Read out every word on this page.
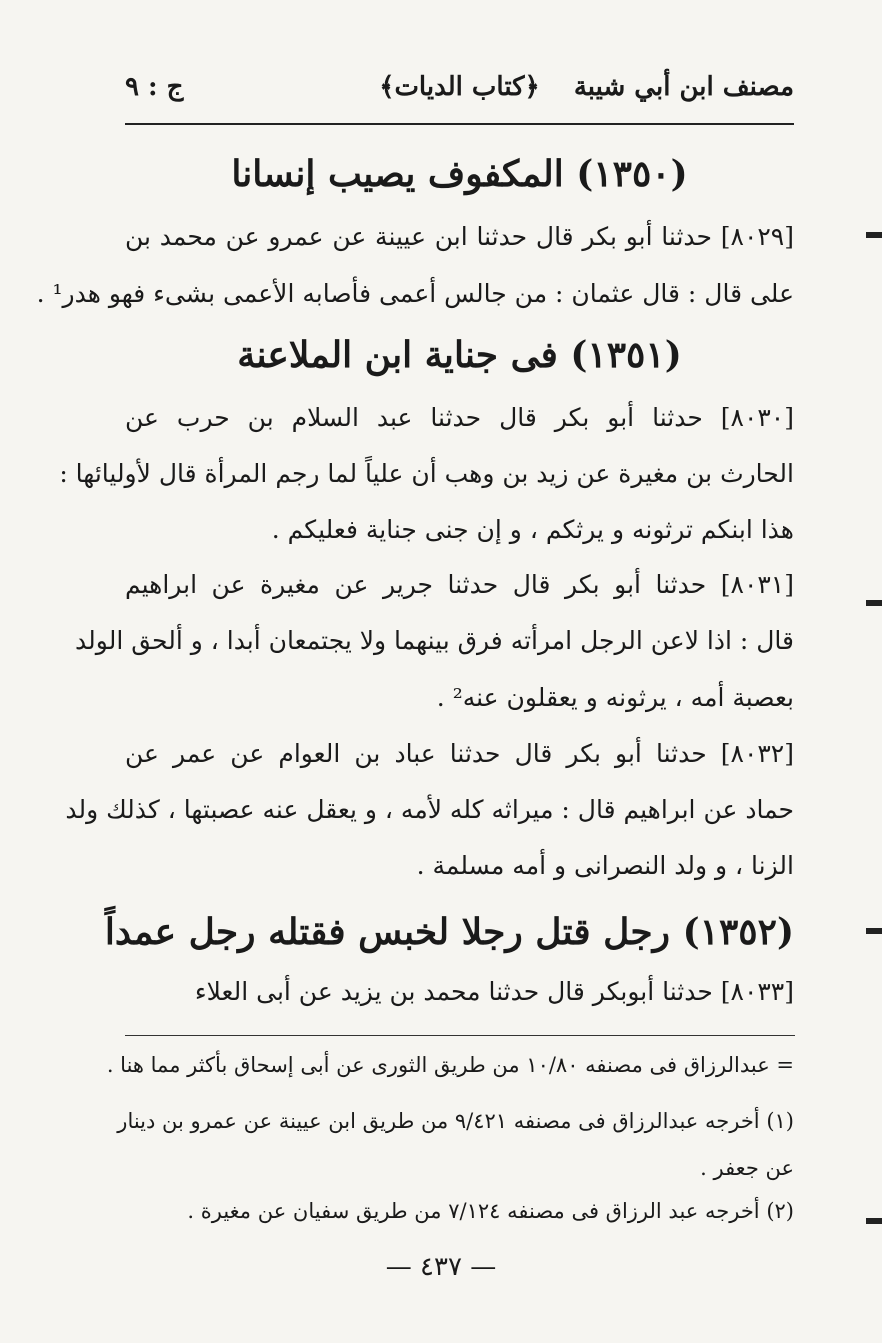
مصنف ابن أبي شيبة
﴿كتاب الديات﴾
ج : ٩
(١٣٥٠) المكفوف يصيب إنسانا
[٨٠٢٩] حدثنا أبو بكر قال حدثنا ابن عيينة عن عمرو عن محمد بن
على قال : قال عثمان : من جالس أعمى فأصابه الأعمى بشىء فهو هدر¹ .
(١٣٥١) فى جناية ابن الملاعنة
[٨٠٣٠] حدثنا أبو بكر قال حدثنا عبد السلام بن حرب عن
الحارث بن مغيرة عن زيد بن وهب أن علياً لما رجم المرأة قال لأوليائها :
هذا ابنكم ترثونه و يرثكم ، و إن جنى جناية فعليكم .
[٨٠٣١] حدثنا أبو بكر قال حدثنا جرير عن مغيرة عن ابراهيم
قال : اذا لاعن الرجل امرأته فرق بينهما ولا يجتمعان أبدا ، و ألحق الولد
بعصبة أمه ، يرثونه و يعقلون عنه² .
[٨٠٣٢] حدثنا أبو بكر قال حدثنا عباد بن العوام عن عمر عن
حماد عن ابراهيم قال : ميراثه كله لأمه ، و يعقل عنه عصبتها ، كذلك ولد
الزنا ، و ولد النصرانى و أمه مسلمة .
(١٣٥٢) رجل قتل رجلا لخبس فقتله رجل عمداً
[٨٠٣٣] حدثنا أبوبكر قال حدثنا محمد بن يزيد عن أبى العلاء
= عبدالرزاق فى مصنفه ١٠/٨٠ من طريق الثورى عن أبى إسحاق بأكثر مما هنا .
(١) أخرجه عبدالرزاق فى مصنفه ٩/٤٢١ من طريق ابن عيينة عن عمرو بن دينار
عن جعفر .
(٢) أخرجه عبد الرزاق فى مصنفه ٧/١٢٤ من طريق سفيان عن مغيرة .
— ٤٣٧ —
